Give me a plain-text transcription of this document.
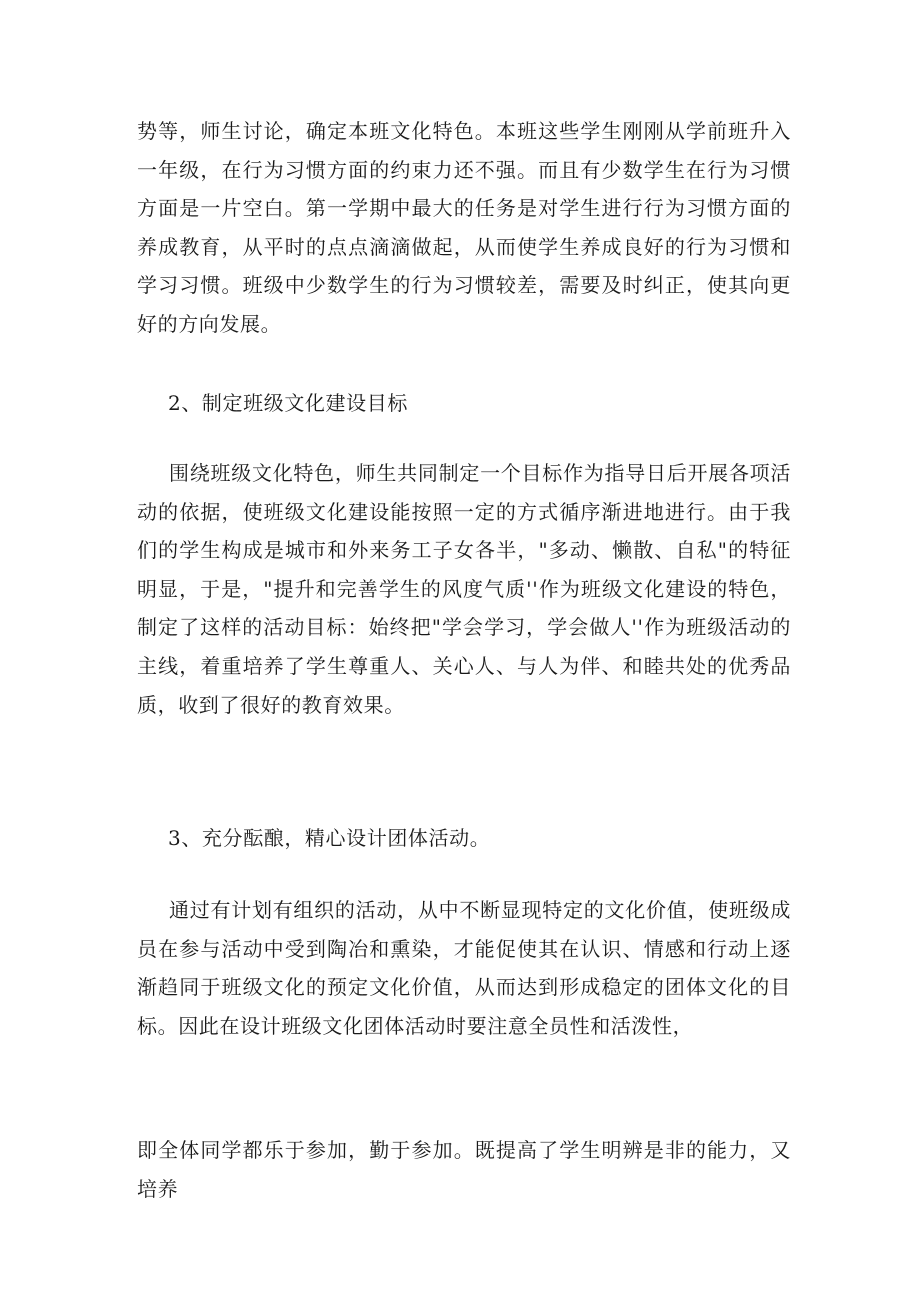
势等，师生讨论，确定本班文化特色。本班这些学生刚刚从学前班升入一年级，在行为习惯方面的约束力还不强。而且有少数学生在行为习惯方面是一片空白。第一学期中最大的任务是对学生进行行为习惯方面的养成教育，从平时的点点滴滴做起，从而使学生养成良好的行为习惯和学习习惯。班级中少数学生的行为习惯较差，需要及时纠正，使其向更好的方向发展。

2、制定班级文化建设目标

围绕班级文化特色，师生共同制定一个目标作为指导日后开展各项活动的依据，使班级文化建设能按照一定的方式循序渐进地进行。由于我们的学生构成是城市和外来务工子女各半，"多动、懒散、自私"的特征明显，于是，"提升和完善学生的风度气质''作为班级文化建设的特色，制定了这样的活动目标：始终把"学会学习，学会做人''作为班级活动的主线，着重培养了学生尊重人、关心人、与人为伴、和睦共处的优秀品质，收到了很好的教育效果。

3、充分酝酿，精心设计团体活动。

通过有计划有组织的活动，从中不断显现特定的文化价值，使班级成员在参与活动中受到陶冶和熏染，才能促使其在认识、情感和行动上逐渐趋同于班级文化的预定文化价值，从而达到形成稳定的团体文化的目标。因此在设计班级文化团体活动时要注意全员性和活泼性，

即全体同学都乐于参加，勤于参加。既提高了学生明辨是非的能力，又培养
